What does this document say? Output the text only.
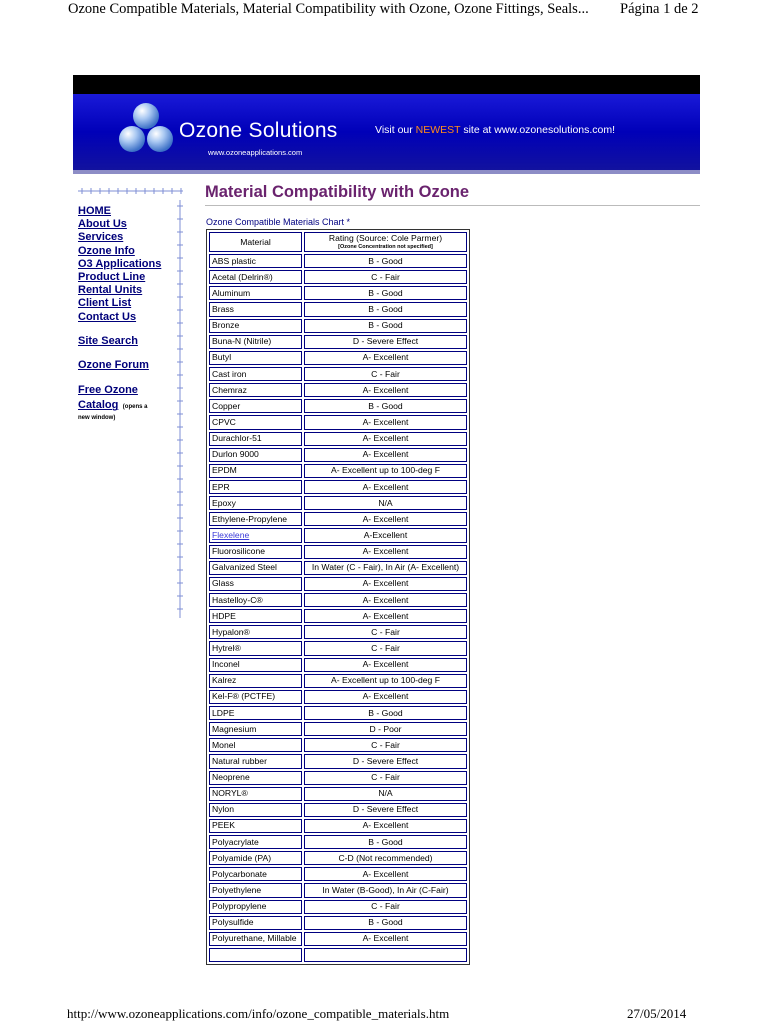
Ozone Compatible Materials, Material Compatibility with Ozone, Ozone Fittings, Seals... Página 1 de 2
Ozone Solutions
www.ozoneapplications.com
Visit our NEWEST site at www.ozonesolutions.com!
HOME
About Us
Services
Ozone Info
O3 Applications
Product Line
Rental Units
Client List
Contact Us
Site Search
Ozone Forum
Free Ozone
Catalog (opens a
new window)
Material Compatibility with Ozone
Ozone Compatible Materials Chart *
Material	Rating (Source: Cole Parmer)
[Ozone Concentration not specified]

ABS plastic	B - Good
Acetal (Delrin®)	C - Fair
Aluminum	B - Good
Brass	B - Good
Bronze	B - Good
Buna-N (Nitrile)	D - Severe Effect
Butyl	A- Excellent
Cast iron	C - Fair
Chemraz	A- Excellent
Copper	B - Good
CPVC	A- Excellent
Durachlor-51	A- Excellent
Durlon 9000	A- Excellent
EPDM	A- Excellent up to 100-deg F
EPR	A- Excellent
Epoxy	N/A
Ethylene-Propylene	A- Excellent
Flexelene	A-Excellent
Fluorosilicone	A- Excellent
Galvanized Steel	In Water (C - Fair), In Air (A- Excellent)
Glass	A- Excellent
Hastelloy-C®	A- Excellent
HDPE	A- Excellent
Hypalon®	C - Fair
Hytrel®	C - Fair
Inconel	A- Excellent
Kalrez	A- Excellent up to 100-deg F
Kel-F® (PCTFE)	A- Excellent
LDPE	B - Good
Magnesium	D - Poor
Monel	C - Fair
Natural rubber	D - Severe Effect
Neoprene	C - Fair
NORYL®	N/A
Nylon	D - Severe Effect
PEEK	A- Excellent
Polyacrylate	B - Good
Polyamide (PA)	C-D (Not recommended)
Polycarbonate	A- Excellent
Polyethylene	In Water (B-Good), In Air (C-Fair)
Polypropylene	C - Fair
Polysulfide	B - Good
Polyurethane, Millable	A- Excellent

http://www.ozoneapplications.com/info/ozone_compatible_materials.htm	27/05/2014
